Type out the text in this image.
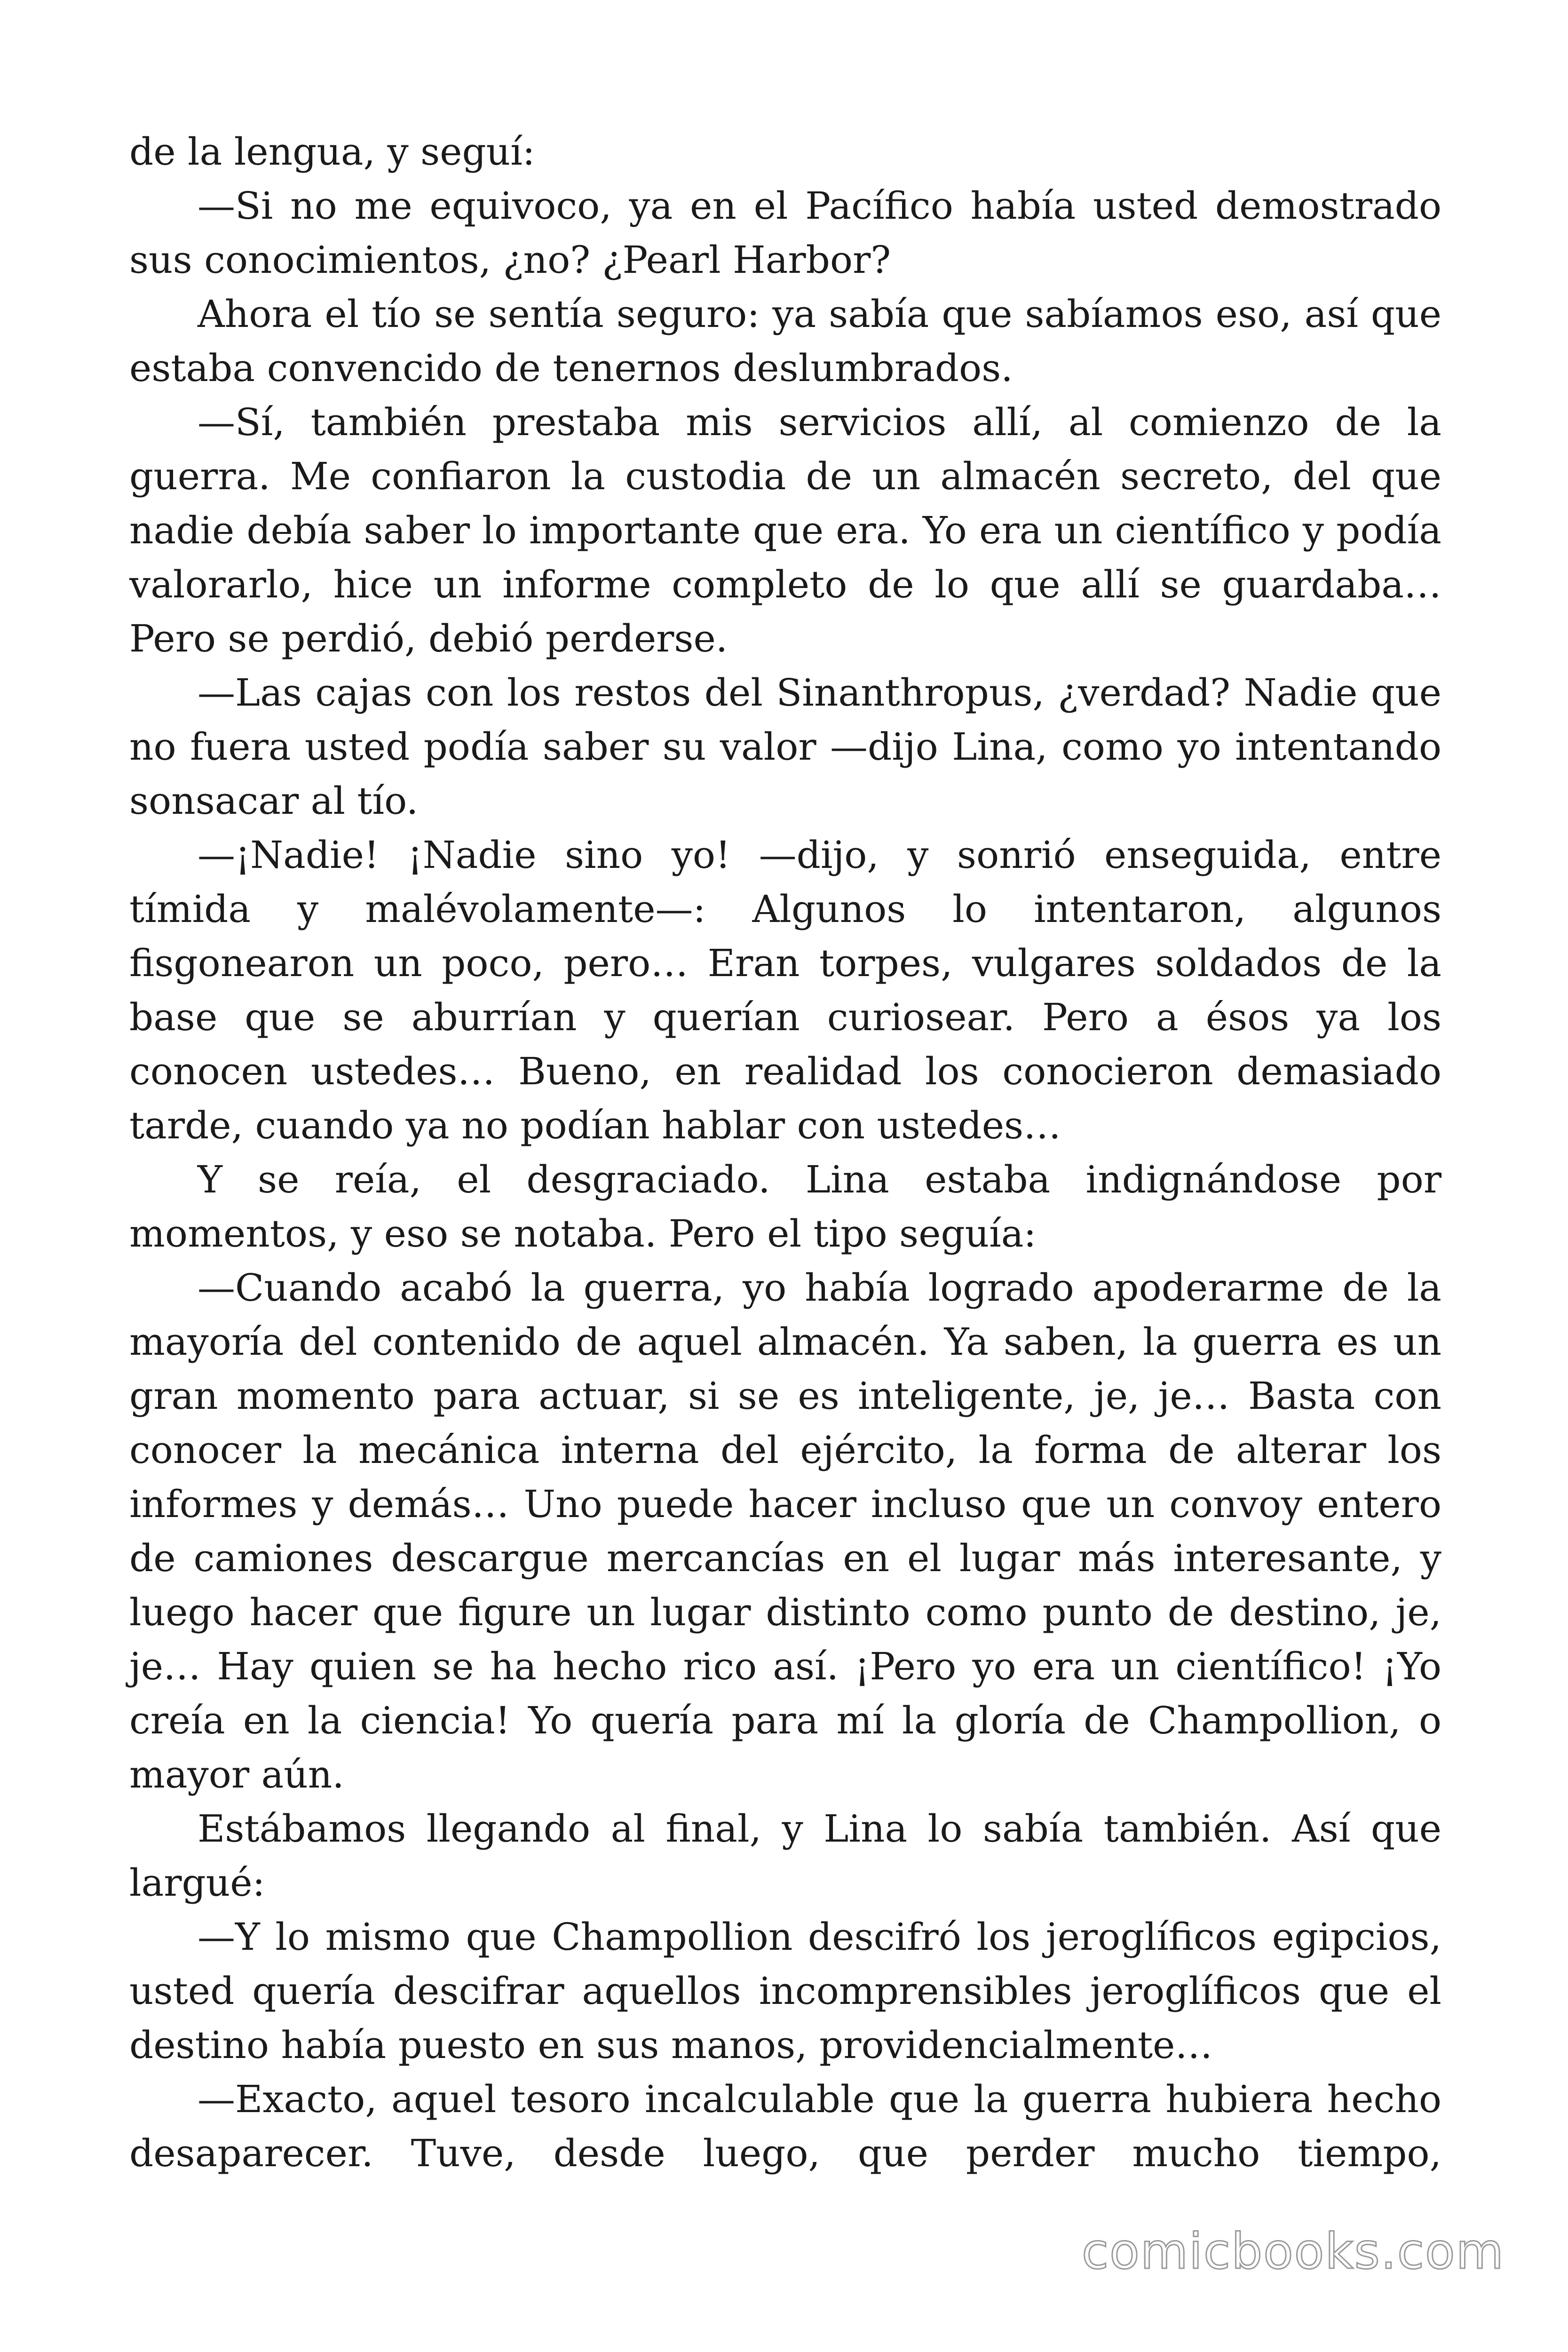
de la lengua, y seguí:

—Si no me equivoco, ya en el Pacífico había usted demostrado sus conocimientos, ¿no? ¿Pearl Harbor?

Ahora el tío se sentía seguro: ya sabía que sabíamos eso, así que estaba convencido de tenernos deslumbrados.

—Sí, también prestaba mis servicios allí, al comienzo de la guerra. Me confiaron la custodia de un almacén secreto, del que nadie debía saber lo importante que era. Yo era un científico y podía valorarlo, hice un informe completo de lo que allí se guardaba… Pero se perdió, debió perderse.

—Las cajas con los restos del Sinanthropus, ¿verdad? Nadie que no fuera usted podía saber su valor —dijo Lina, como yo intentando sonsacar al tío.

—¡Nadie! ¡Nadie sino yo! —dijo, y sonrió enseguida, entre tímida y malévolamente—: Algunos lo intentaron, algunos fisgonearon un poco, pero… Eran torpes, vulgares soldados de la base que se aburrían y querían curiosear. Pero a ésos ya los conocen ustedes… Bueno, en realidad los conocieron demasiado tarde, cuando ya no podían hablar con ustedes…

Y se reía, el desgraciado. Lina estaba indignándose por momentos, y eso se notaba. Pero el tipo seguía:

—Cuando acabó la guerra, yo había logrado apoderarme de la mayoría del contenido de aquel almacén. Ya saben, la guerra es un gran momento para actuar, si se es inteligente, je, je… Basta con conocer la mecánica interna del ejército, la forma de alterar los informes y demás… Uno puede hacer incluso que un convoy entero de camiones descargue mercancías en el lugar más interesante, y luego hacer que figure un lugar distinto como punto de destino, je, je… Hay quien se ha hecho rico así. ¡Pero yo era un científico! ¡Yo creía en la ciencia! Yo quería para mí la gloría de Champollion, o mayor aún.

Estábamos llegando al final, y Lina lo sabía también. Así que largué:

—Y lo mismo que Champollion descifró los jeroglíficos egipcios, usted quería descifrar aquellos incomprensibles jeroglíficos que el destino había puesto en sus manos, providencialmente…

—Exacto, aquel tesoro incalculable que la guerra hubiera hecho desaparecer. Tuve, desde luego, que perder mucho tiempo,

comicbooks.com
